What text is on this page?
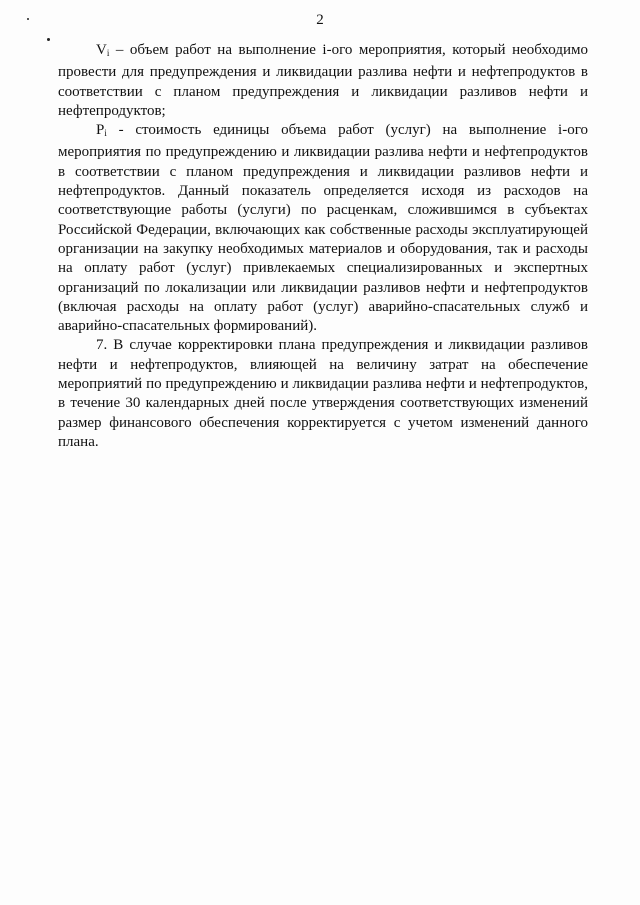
2

$V_i$ – объем работ на выполнение i-ого мероприятия, который необходимо провести для предупреждения и ликвидации разлива нефти и нефтепродуктов в соответствии с планом предупреждения и ликвидации разливов нефти и нефтепродуктов;

$P_i$ - стоимость единицы объема работ (услуг) на выполнение i-ого мероприятия по предупреждению и ликвидации разлива нефти и нефтепродуктов в соответствии с планом предупреждения и ликвидации разливов нефти и нефтепродуктов. Данный показатель определяется исходя из расходов на соответствующие работы (услуги) по расценкам, сложившимся в субъектах Российской Федерации, включающих как собственные расходы эксплуатирующей организации на закупку необходимых материалов и оборудования, так и расходы на оплату работ (услуг) привлекаемых специализированных и экспертных организаций по локализации или ликвидации разливов нефти и нефтепродуктов (включая расходы на оплату работ (услуг) аварийно-спасательных служб и аварийно-спасательных формирований).

7. В случае корректировки плана предупреждения и ликвидации разливов нефти и нефтепродуктов, влияющей на величину затрат на обеспечение мероприятий по предупреждению и ликвидации разлива нефти и нефтепродуктов, в течение 30 календарных дней после утверждения соответствующих изменений размер финансового обеспечения корректируется с учетом изменений данного плана.
